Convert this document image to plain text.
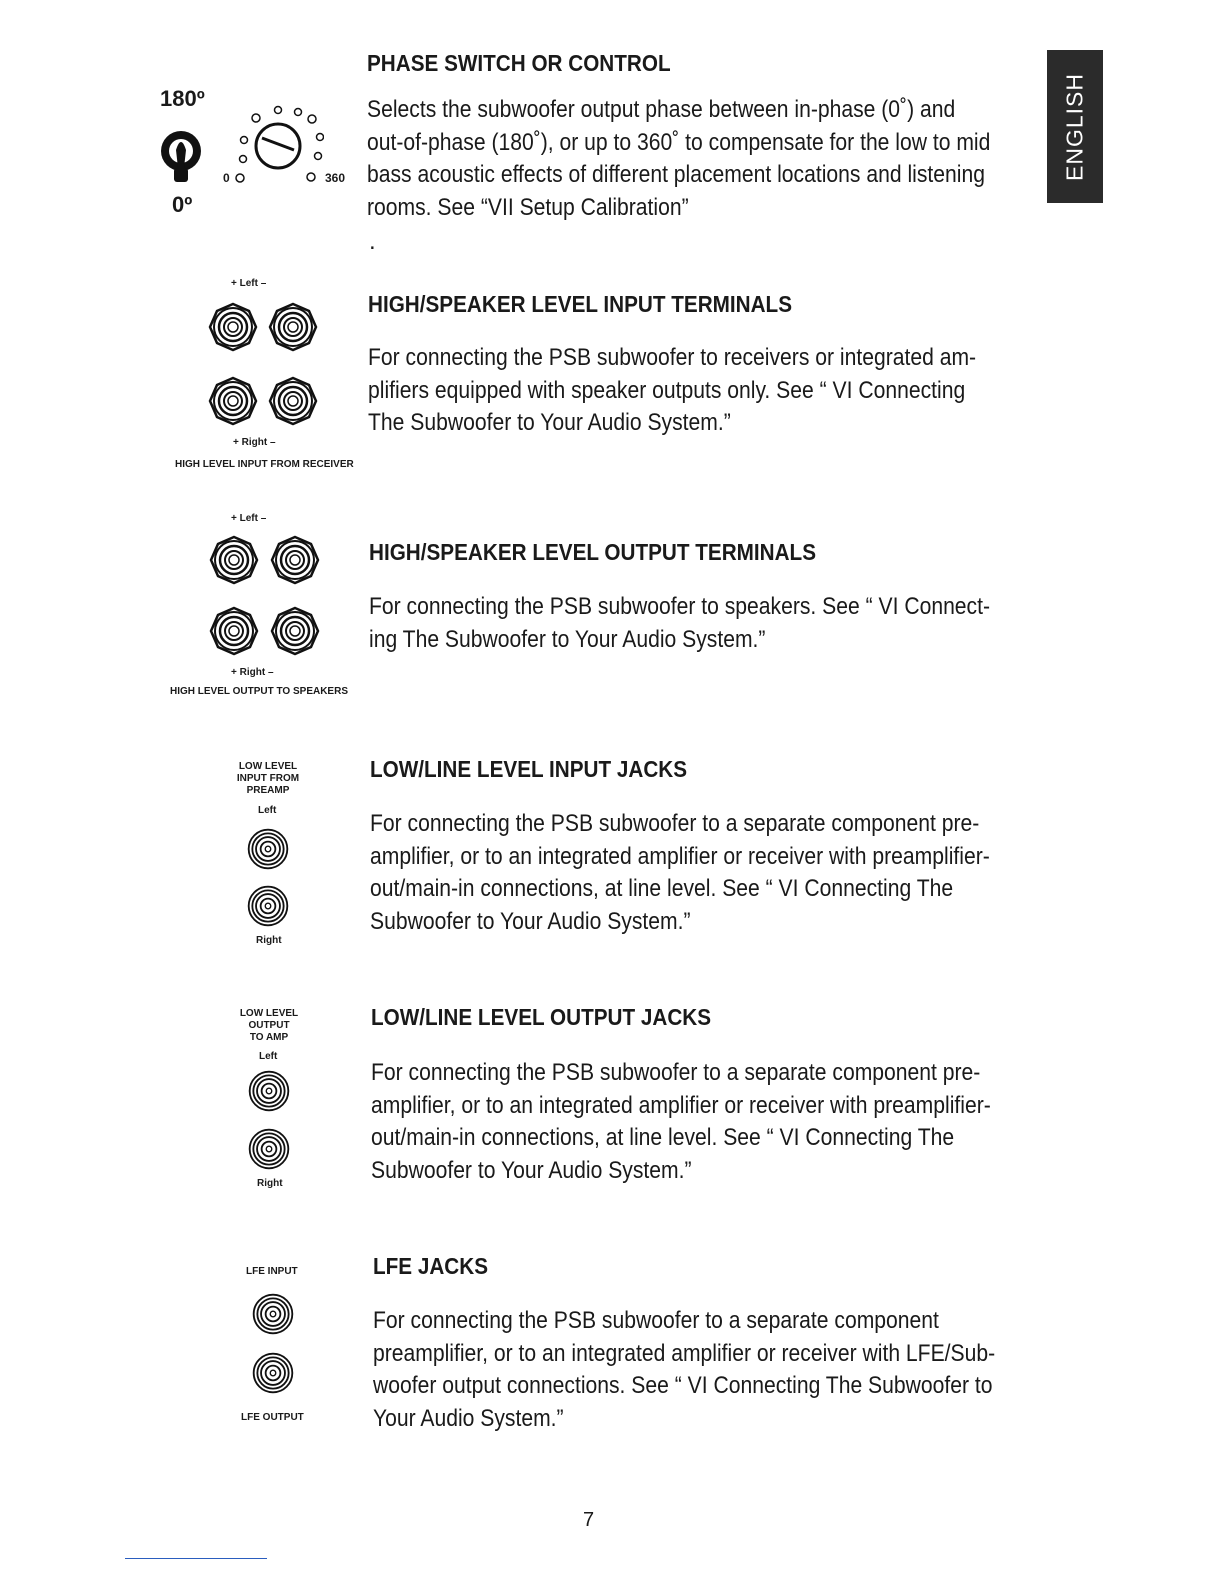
ENGLISH
180º
0º
0	360
PHASE SWITCH OR CONTROL
Selects the subwoofer output phase between in-phase (0˚) and
out-of-phase (180˚), or up to 360˚ to compensate for the low to mid
bass acoustic effects of different placement locations and listening
rooms. See “VII Setup Calibration”
.
+ Left –
+ Right –
HIGH LEVEL INPUT FROM RECEIVER
HIGH/SPEAKER LEVEL INPUT TERMINALS
For connecting the PSB subwoofer to receivers or integrated am-
plifiers equipped with speaker outputs only. See “ VI Connecting
The Subwoofer to Your Audio System.”
+ Left –
+ Right –
HIGH LEVEL OUTPUT TO SPEAKERS
HIGH/SPEAKER LEVEL OUTPUT TERMINALS
For connecting the PSB subwoofer to speakers. See “ VI Connect-
ing The Subwoofer to Your Audio System.”
LOW LEVEL
INPUT FROM
PREAMP
Left
Right
LOW/LINE LEVEL INPUT JACKS
For connecting the PSB subwoofer to a separate component pre-
amplifier, or to an integrated amplifier or receiver with preamplifier-
out/main-in connections, at line level. See “ VI Connecting The
Subwoofer to Your Audio System.”
LOW LEVEL
OUTPUT
TO AMP
Left
Right
LOW/LINE LEVEL OUTPUT JACKS
For connecting the PSB subwoofer to a separate component pre-
amplifier, or to an integrated amplifier or receiver with preamplifier-
out/main-in connections, at line level. See “ VI Connecting The
Subwoofer to Your Audio System.”
LFE INPUT
LFE OUTPUT
LFE JACKS
For connecting the PSB subwoofer to a separate component
preamplifier, or to an integrated amplifier or receiver with LFE/Sub-
woofer output connections. See “ VI Connecting The Subwoofer to
Your Audio System.”
7
